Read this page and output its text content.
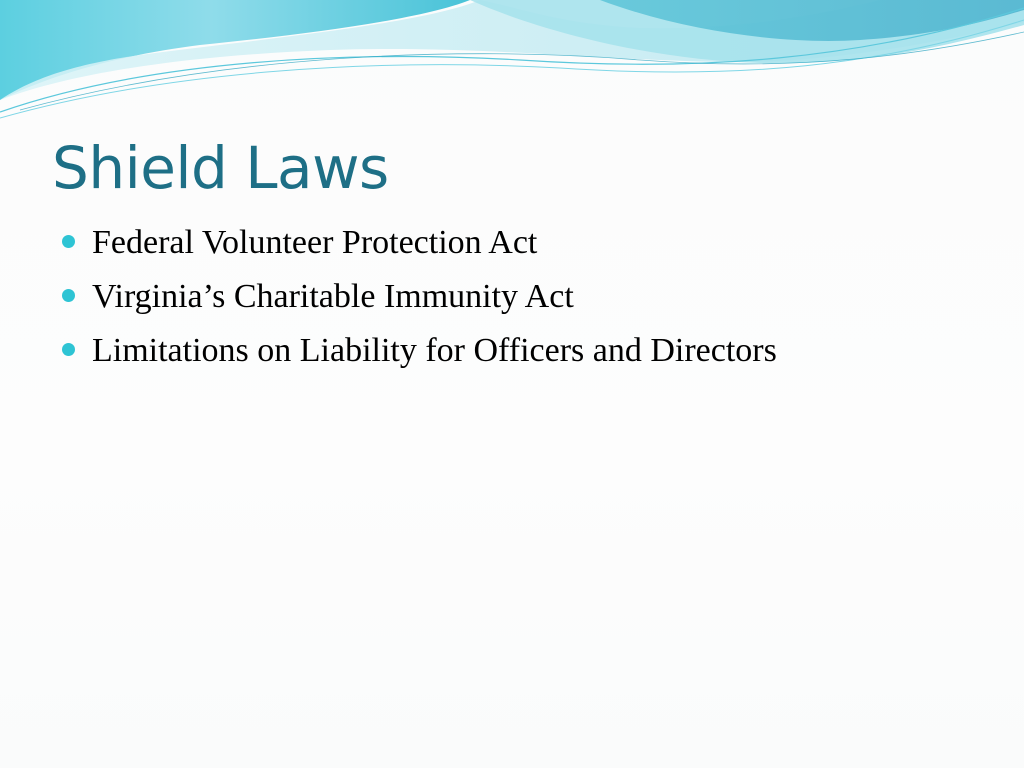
Shield Laws
Federal Volunteer Protection Act
Virginia’s Charitable Immunity Act
Limitations on Liability for Officers and Directors
